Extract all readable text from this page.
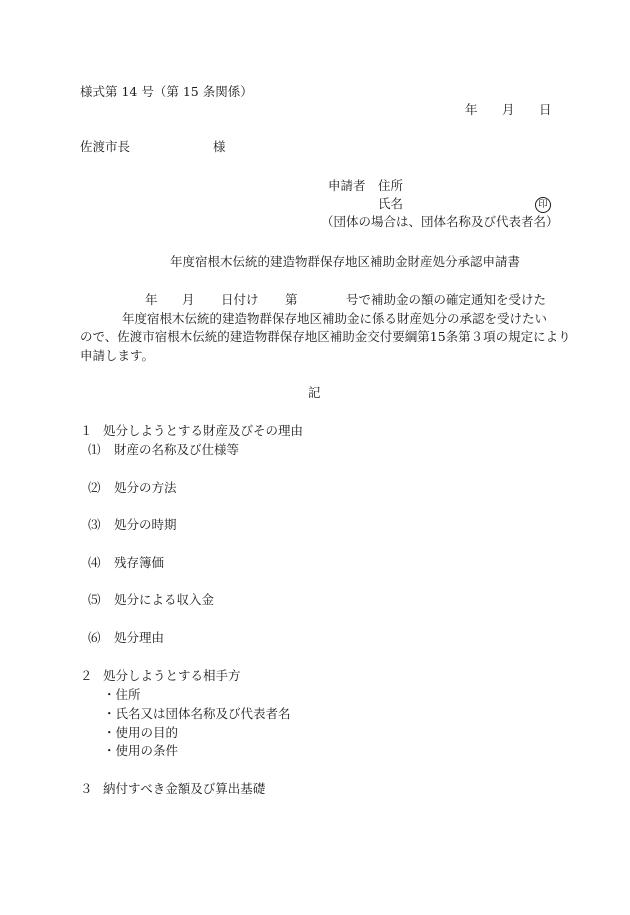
様式第 14 号（第 15 条関係）
年 月 日
佐渡市長	様
申請者 住所
氏名	印
（団体の場合は、団体名称及び代表者名）
年度宿根木伝統的建造物群保存地区補助金財産処分承認申請書
年 月 日付け 第	号で補助金の額の確定通知を受けた
年度宿根木伝統的建造物群保存地区補助金に係る財産処分の承認を受けたい
ので、佐渡市宿根木伝統的建造物群保存地区補助金交付要綱第15条第３項の規定により
申請します。
記
１ 処分しようとする財産及びその理由
⑴ 財産の名称及び仕様等
⑵ 処分の方法
⑶ 処分の時期
⑷ 残存簿価
⑸ 処分による収入金
⑹ 処分理由
２ 処分しようとする相手方
・住所
・氏名又は団体名称及び代表者名
・使用の目的
・使用の条件
３ 納付すべき金額及び算出基礎
